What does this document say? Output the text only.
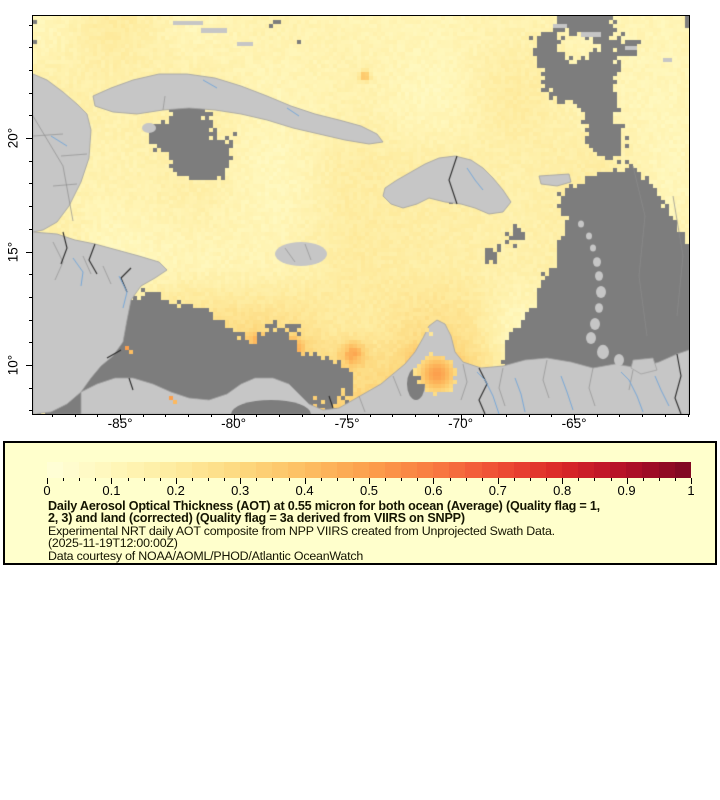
-85°	-80°	-75°	-70°	-65°
10°
15°
20°
0	0.1	0.2	0.3	0.4	0.5	0.6	0.7	0.8	0.9	1

Daily Aerosol Optical Thickness (AOT) at 0.55 micron for both ocean (Average) (Quality flag = 1,

2, 3) and land (corrected) (Quality flag = 3a derived from VIIRS on SNPP)

Experimental NRT daily AOT composite from NPP VIIRS created from Unprojected Swath Data.

(2025-11-19T12:00:00Z)

Data courtesy of NOAA/AOML/PHOD/Atlantic OceanWatch
